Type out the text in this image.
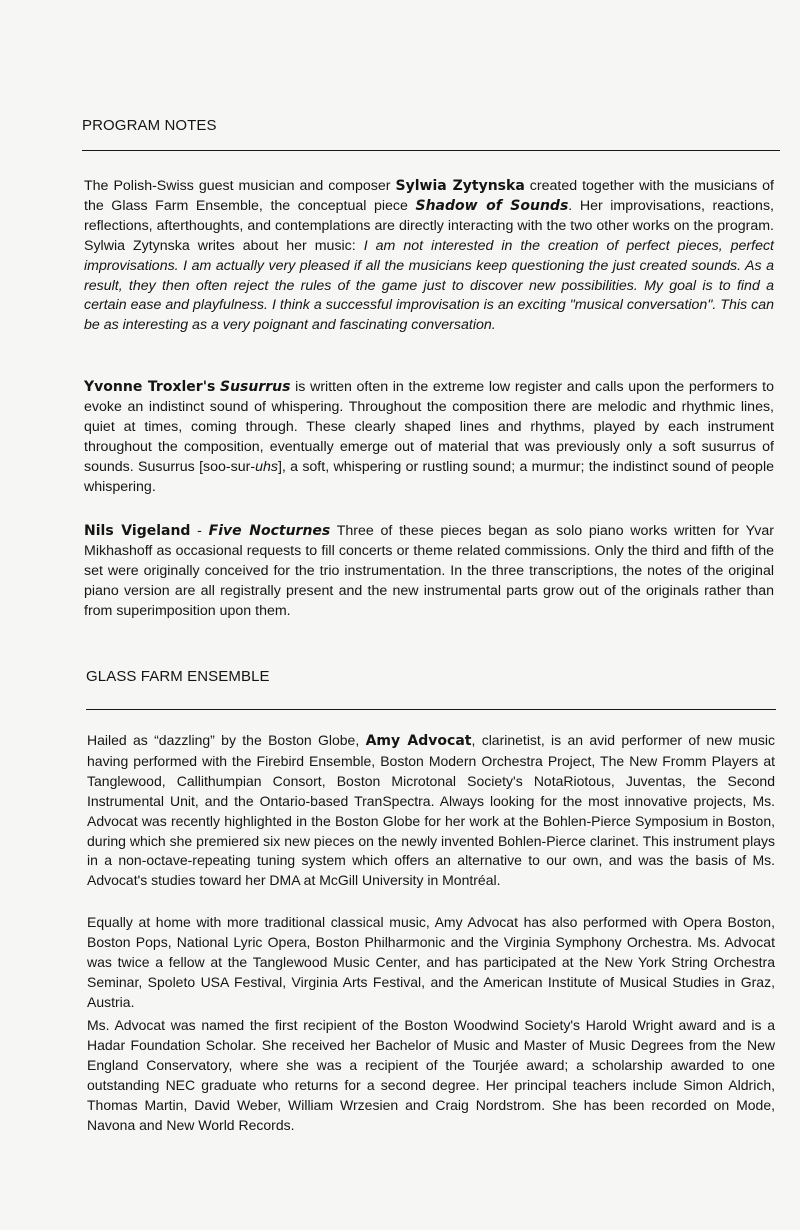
PROGRAM NOTES

The Polish-Swiss guest musician and composer Sylwia Zytynska created together with the musicians of the Glass Farm Ensemble, the conceptual piece Shadow of Sounds. Her improvisations, reactions, reflections, afterthoughts, and contemplations are directly interacting with the two other works on the program. Sylwia Zytynska writes about her music: I am not interested in the creation of perfect pieces, perfect improvisations. I am actually very pleased if all the musicians keep questioning the just created sounds. As a result, they then often reject the rules of the game just to discover new possibilities. My goal is to find a certain ease and playfulness. I think a successful improvisation is an exciting "musical conversation". This can be as interesting as a very poignant and fascinating conversation.

Yvonne Troxler's Susurrus is written often in the extreme low register and calls upon the performers to evoke an indistinct sound of whispering. Throughout the composition there are melodic and rhythmic lines, quiet at times, coming through. These clearly shaped lines and rhythms, played by each instrument throughout the composition, eventually emerge out of material that was previously only a soft susurrus of sounds. Susurrus [soo-sur-uhs], a soft, whispering or rustling sound; a murmur; the indistinct sound of people whispering.

Nils Vigeland - Five Nocturnes Three of these pieces began as solo piano works written for Yvar Mikhashoff as occasional requests to fill concerts or theme related commissions. Only the third and fifth of the set were originally conceived for the trio instrumentation. In the three transcriptions, the notes of the original piano version are all registrally present and the new instrumental parts grow out of the originals rather than from superimposition upon them.

GLASS FARM ENSEMBLE

Hailed as “dazzling” by the Boston Globe, Amy Advocat, clarinetist, is an avid performer of new music having performed with the Firebird Ensemble, Boston Modern Orchestra Project, The New Fromm Players at Tanglewood, Callithumpian Consort, Boston Microtonal Society's NotaRiotous, Juventas, the Second Instrumental Unit, and the Ontario-based TranSpectra. Always looking for the most innovative projects, Ms. Advocat was recently highlighted in the Boston Globe for her work at the Bohlen-Pierce Symposium in Boston, during which she premiered six new pieces on the newly invented Bohlen-Pierce clarinet. This instrument plays in a non-octave-repeating tuning system which offers an alternative to our own, and was the basis of Ms. Advocat's studies toward her DMA at McGill University in Montréal.

Equally at home with more traditional classical music, Amy Advocat has also performed with Opera Boston, Boston Pops, National Lyric Opera, Boston Philharmonic and the Virginia Symphony Orchestra. Ms. Advocat was twice a fellow at the Tanglewood Music Center, and has participated at the New York String Orchestra Seminar, Spoleto USA Festival, Virginia Arts Festival, and the American Institute of Musical Studies in Graz, Austria.

Ms. Advocat was named the first recipient of the Boston Woodwind Society's Harold Wright award and is a Hadar Foundation Scholar. She received her Bachelor of Music and Master of Music Degrees from the New England Conservatory, where she was a recipient of the Tourjée award; a scholarship awarded to one outstanding NEC graduate who returns for a second degree. Her principal teachers include Simon Aldrich, Thomas Martin, David Weber, William Wrzesien and Craig Nordstrom. She has been recorded on Mode, Navona and New World Records.
